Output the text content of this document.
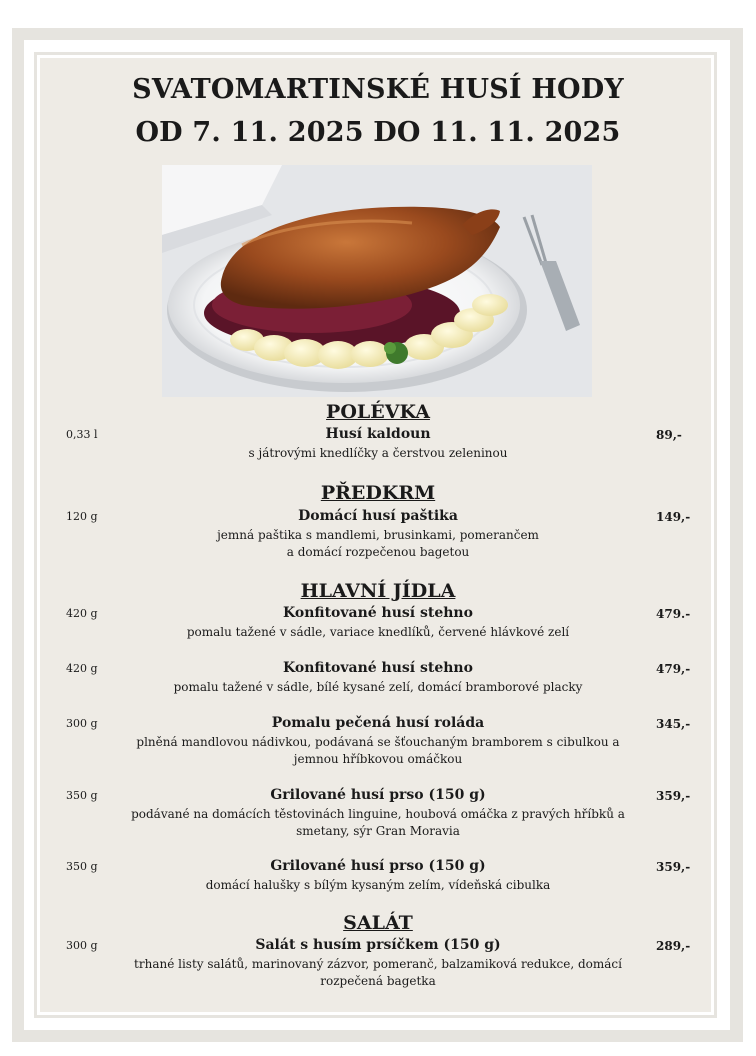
SVATOMARTINSKÉ HUSÍ HODY
OD 7. 11. 2025 DO 11. 11. 2025
POLÉVKA
0,33 l	Husí kaldoun	89,-
s játrovými knedlíčky a čerstvou zeleninou
PŘEDKRM
120 g	Domácí husí paštika	149,-
jemná paštika s mandlemi, brusinkami, pomerančem
a domácí rozpečenou bagetou
HLAVNÍ JÍDLA
420 g	Konfitované husí stehno	479.-
pomalu tažené v sádle, variace knedlíků, červené hlávkové zelí
420 g	Konfitované husí stehno	479,-
pomalu tažené v sádle, bílé kysané zelí, domácí bramborové placky
300 g	Pomalu pečená husí roláda	345,-
plněná mandlovou nádivkou, podávaná se šťouchaným bramborem s cibulkou a
jemnou hříbkovou omáčkou
350 g	Grilované husí prso (150 g)	359,-
podávané na domácích těstovinách linguine, houbová omáčka z pravých hříbků a
smetany, sýr Gran Moravia
350 g	Grilované husí prso (150 g)	359,-
domácí halušky s bílým kysaným zelím, vídeňská cibulka
SALÁT
300 g	Salát s husím prsíčkem (150 g)	289,-
trhané listy salátů, marinovaný zázvor, pomeranč, balzamiková redukce, domácí
rozpečená bagetka
